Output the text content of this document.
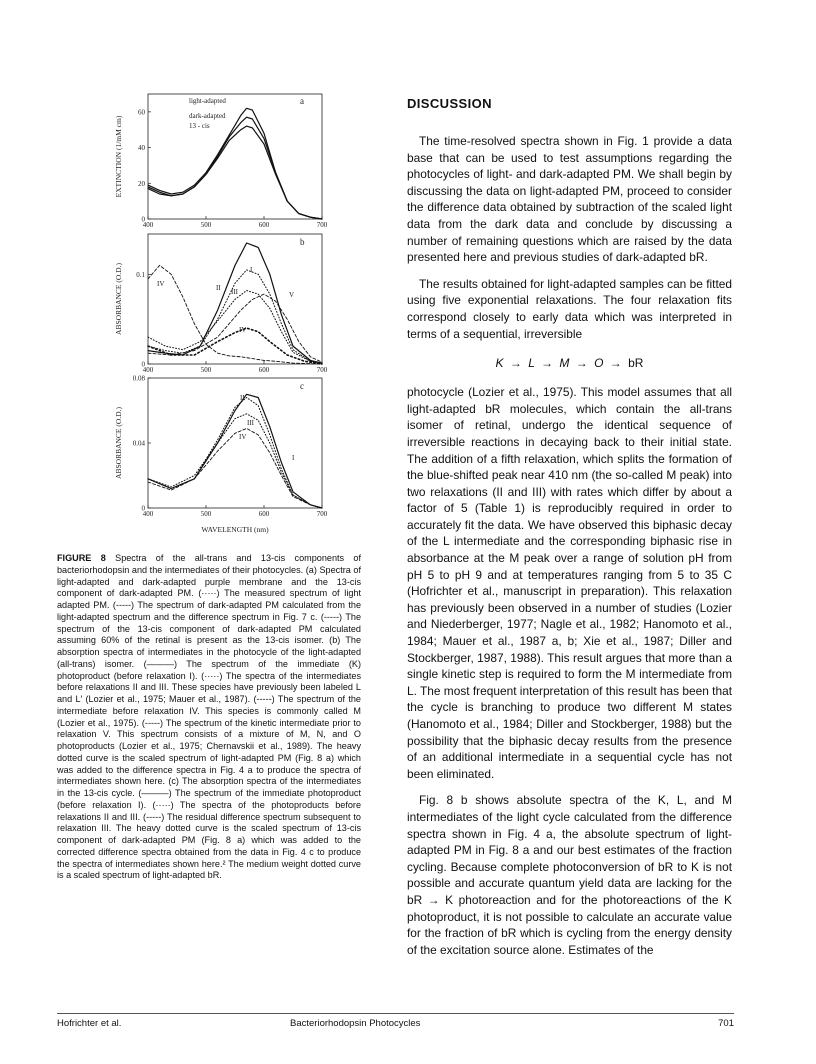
400	500	600	700
0
20
40
60
EXTINCTION (1/mM cm)
a
light-adapted
dark-adapted
13 - cis
400	500	600	700
0
0.1
ABSORBANCE (O.D.)
b
I
II III
IV
IV
V
400	500	600	700
0
0.04
0.08
ABSORBANCE (O.D.)
WAVELENGTH (nm)
c
II
III
IV
I
FIGURE 8 Spectra of the all-trans and 13-cis components of bacteriorhodopsin and the intermediates of their photocycles. (a) Spectra of light-adapted and dark-adapted purple membrane and the 13-cis component of dark-adapted PM. (·····) The measured spectrum of light adapted PM. (-----) The spectrum of dark-adapted PM calculated from the light-adapted spectrum and the difference spectrum in Fig. 7 c. (-----) The spectrum of the 13-cis component of dark-adapted PM calculated assuming 60% of the retinal is present as the 13-cis isomer. (b) The absorption spectra of intermediates in the photocycle of the light-adapted (all-trans) isomer. (———) The spectrum of the immediate (K) photoproduct (before relaxation I). (·····) The spectra of the intermediates before relaxations II and III. These species have previously been labeled L and L′ (Lozier et al., 1975; Mauer et al., 1987). (-----) The spectrum of the intermediate before relaxation IV. This species is commonly called M (Lozier et al., 1975). (-----) The spectrum of the kinetic intermediate prior to relaxation V. This spectrum consists of a mixture of M, N, and O photoproducts (Lozier et al., 1975; Chernavskii et al., 1989). The heavy dotted curve is the scaled spectrum of light-adapted PM (Fig. 8 a) which was added to the difference spectra in Fig. 4 a to produce the spectra of intermediates shown here. (c) The absorption spectra of the intermediates in the 13-cis cycle. (———) The spectrum of the immediate photoproduct (before relaxation I). (·····) The spectra of the photoproducts before relaxations II and III. (-----) The residual difference spectrum subsequent to relaxation III. The heavy dotted curve is the scaled spectrum of 13-cis component of dark-adapted PM (Fig. 8 a) which was added to the corrected difference spectra obtained from the data in Fig. 4 c to produce the spectra of intermediates shown here.² The medium weight dotted curve is a scaled spectrum of light-adapted bR.
DISCUSSION

The time-resolved spectra shown in Fig. 1 provide a data base that can be used to test assumptions regarding the photocycles of light- and dark-adapted PM. We shall begin by discussing the data on light-adapted PM, proceed to consider the difference data obtained by subtraction of the scaled light data from the dark data and conclude by discussing a number of remaining questions which are raised by the data presented here and previous studies of dark-adapted bR.

The results obtained for light-adapted samples can be fitted using five exponential relaxations. The four relaxation fits correspond closely to early data which was interpreted in terms of a sequential, irreversible

K → L → M → O → bR

photocycle (Lozier et al., 1975). This model assumes that all light-adapted bR molecules, which contain the all-trans isomer of retinal, undergo the identical sequence of irreversible reactions in decaying back to their initial state. The addition of a fifth relaxation, which splits the formation of the blue-shifted peak near 410 nm (the so-called M peak) into two relaxations (II and III) with rates which differ by about a factor of 5 (Table 1) is reproducibly required in order to accurately fit the data. We have observed this biphasic decay of the L intermediate and the corresponding biphasic rise in absorbance at the M peak over a range of solution pH from pH 5 to pH 9 and at temperatures ranging from 5 to 35 C (Hofrichter et al., manuscript in preparation). This relaxation has previously been observed in a number of studies (Lozier and Niederberger, 1977; Nagle et al., 1982; Hanomoto et al., 1984; Mauer et al., 1987 a, b; Xie et al., 1987; Diller and Stockberger, 1987, 1988). This result argues that more than a single kinetic step is required to form the M intermediate from L. The most frequent interpretation of this result has been that the cycle is branching to produce two different M states (Hanomoto et al., 1984; Diller and Stockberger, 1988) but the possibility that the biphasic decay results from the presence of an additional intermediate in a sequential cycle has not been eliminated.

Fig. 8 b shows absolute spectra of the K, L, and M intermediates of the light cycle calculated from the difference spectra shown in Fig. 4 a, the absolute spectrum of light-adapted PM in Fig. 8 a and our best estimates of the fraction cycling. Because complete photoconversion of bR to K is not possible and accurate quantum yield data are lacking for the bR → K photoreaction and for the photoreactions of the K photoproduct, it is not possible to calculate an accurate value for the fraction of bR which is cycling from the energy density of the excitation source alone. Estimates of the

Hofrichter et al.	Bacteriorhodopsin Photocycles	701
